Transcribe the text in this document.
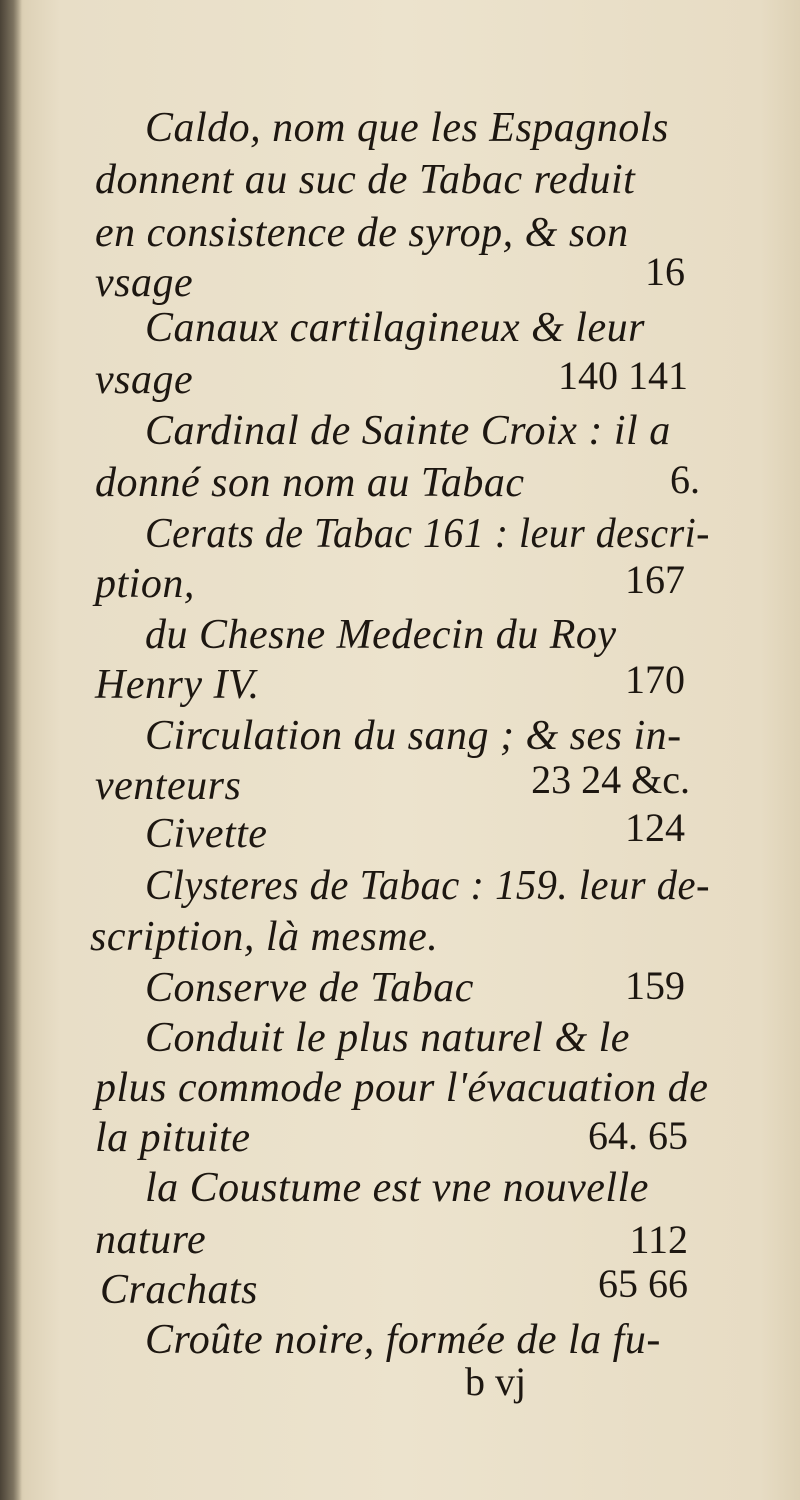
Caldo, nom que les Espagnols
donnent au suc de Tabac reduit
en consistence de syrop, & son
vsage	16
Canaux cartilagineux & leur
vsage	140 141
Cardinal de Sainte Croix : il a
donné son nom au Tabac	6.
Cerats de Tabac 161 : leur descri-
ption,	167
du Chesne Medecin du Roy
Henry IV.	170
Circulation du sang ; & ses in-
venteurs	23 24 &c.
Civette	124
Clysteres de Tabac : 159. leur de-
scription, là mesme.
Conserve de Tabac	159
Conduit le plus naturel & le
plus commode pour l'évacuation de
la pituite	64. 65
la Coustume est vne nouvelle
nature	112
Crachats	65 66
Croûte noire, formée de la fu-
b vj
